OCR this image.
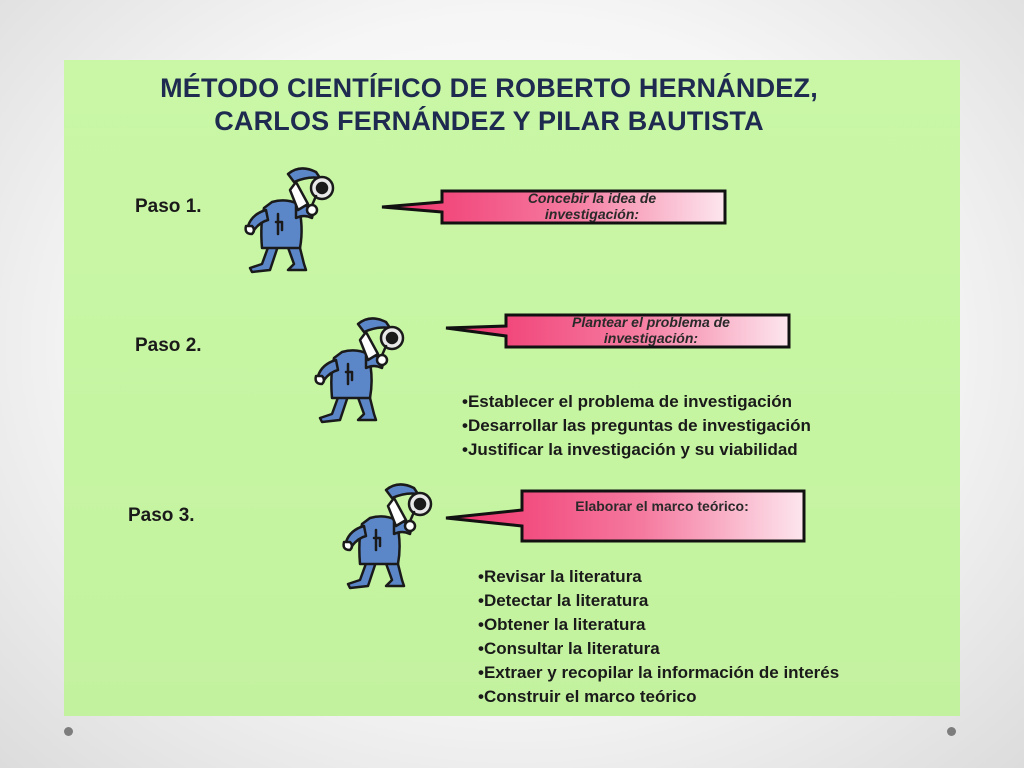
MÉTODO CIENTÍFICO DE ROBERTO HERNÁNDEZ,
CARLOS FERNÁNDEZ Y PILAR BAUTISTA
Paso 1.	Concebir la idea de
investigación:
Paso 2.
Plantear el problema de
investigación:
•Establecer el problema de investigación
•Desarrollar las preguntas de investigación
•Justificar la investigación y su viabilidad
Paso 3.	Elaborar el marco teórico:
•Revisar la literatura
•Detectar la literatura
•Obtener la literatura
•Consultar la literatura
•Extraer y recopilar la información de interés
•Construir el marco teórico
